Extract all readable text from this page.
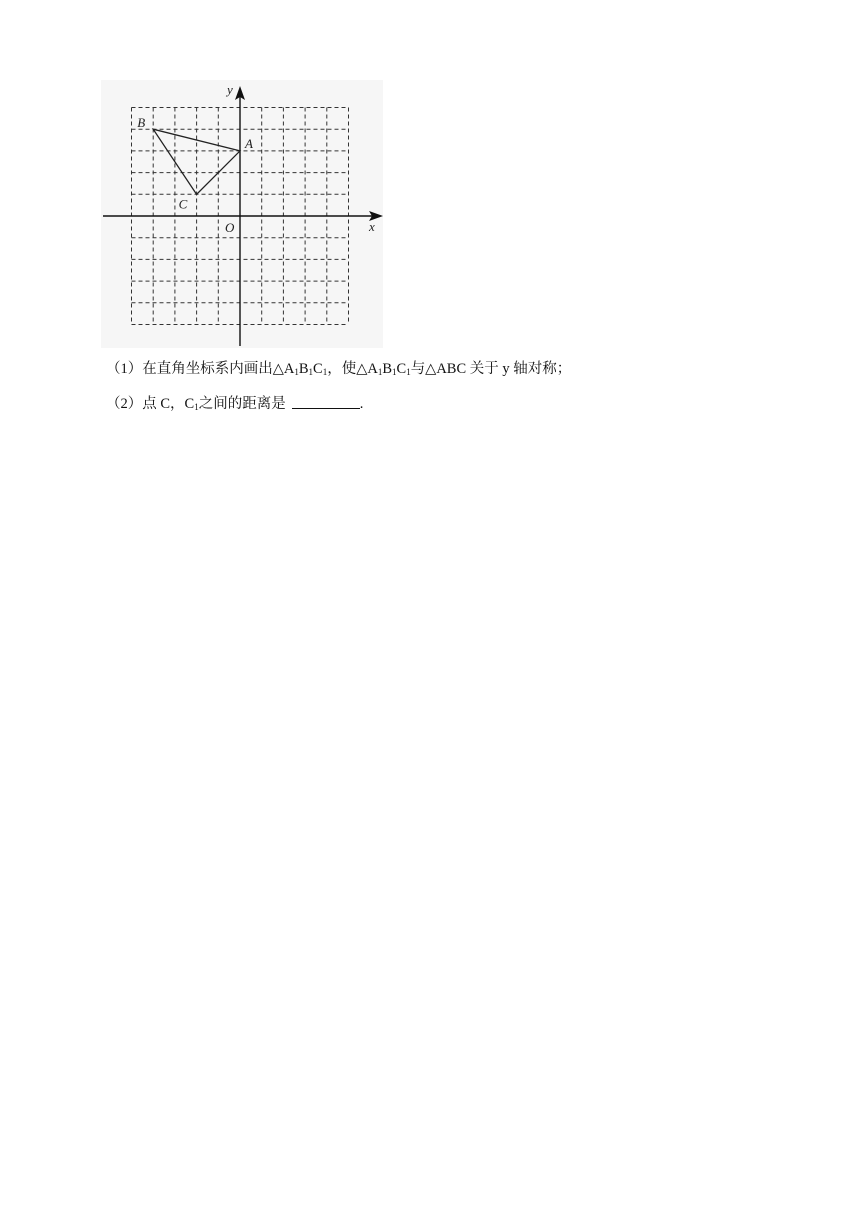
x
y
O
A
B
C
（1）在直角坐标系内画出$\triangle A_1B_1C_1$，使$\triangle A_1B_1C_1$与△ABC 关于 y 轴对称；
（2）点 C，$C_1$之间的距离是	.
